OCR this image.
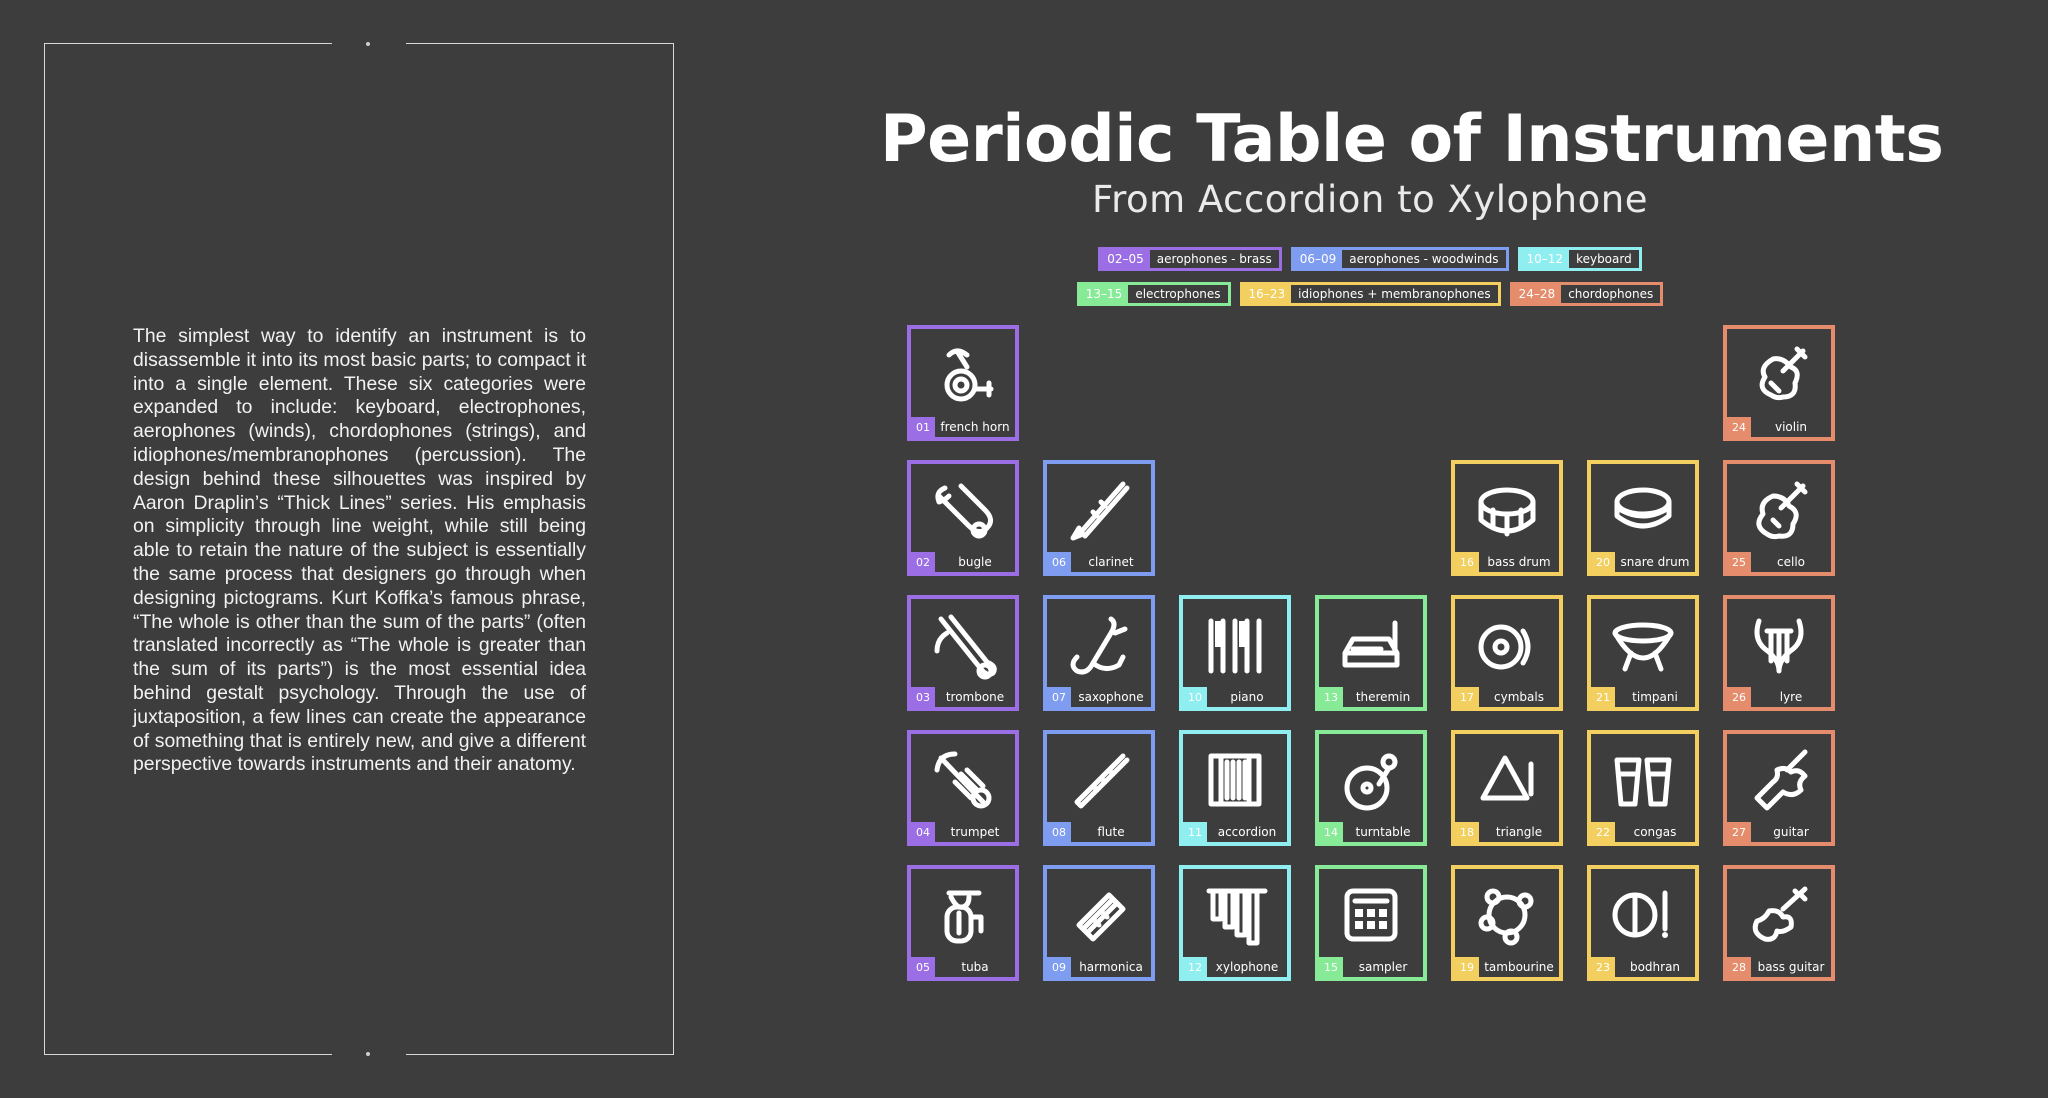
The simplest way to identify an instrument is to disassemble it into its most basic parts; to compact it into a single element. These six categories were expanded to include: keyboard, electrophones, aerophones (winds), chordophones (strings), and idiophones/membranophones (percussion). The design behind these silhouettes was inspired by Aaron Draplin’s “Thick Lines” series. His emphasis on simplicity through line weight, while still being able to retain the nature of the subject is essentially the same process that designers go through when designing pictograms. Kurt Koffka’s famous phrase, “The whole is other than the sum of the parts” (often translated incorrectly as “The whole is greater than the sum of its parts”) is the most essential idea behind gestalt psychology. Through the use of juxtaposition, a few lines can create the appearance of something that is entirely new, and give a different perspective towards instruments and their anatomy.
Periodic Table of Instruments
From Accordion to Xylophone
02–05	aerophones - brass	06–09	aerophones - woodwinds	10–12	keyboard
13–15	electrophones	16–23	idiophones + membranophones	24–28	chordophones
01 french horn
02	bugle
03	trombone
04	trumpet
05	tuba
06	clarinet
07	saxophone
08	flute
09	harmonica
10	piano
11	accordion
12	xylophone
13	theremin
14	turntable
15	sampler
16	bass drum
17	cymbals
18	triangle
19 tambourine
20 snare drum
21	timpani
22	congas
23	bodhran
24	violin
25	cello
26	lyre
27	guitar
28 bass guitar
